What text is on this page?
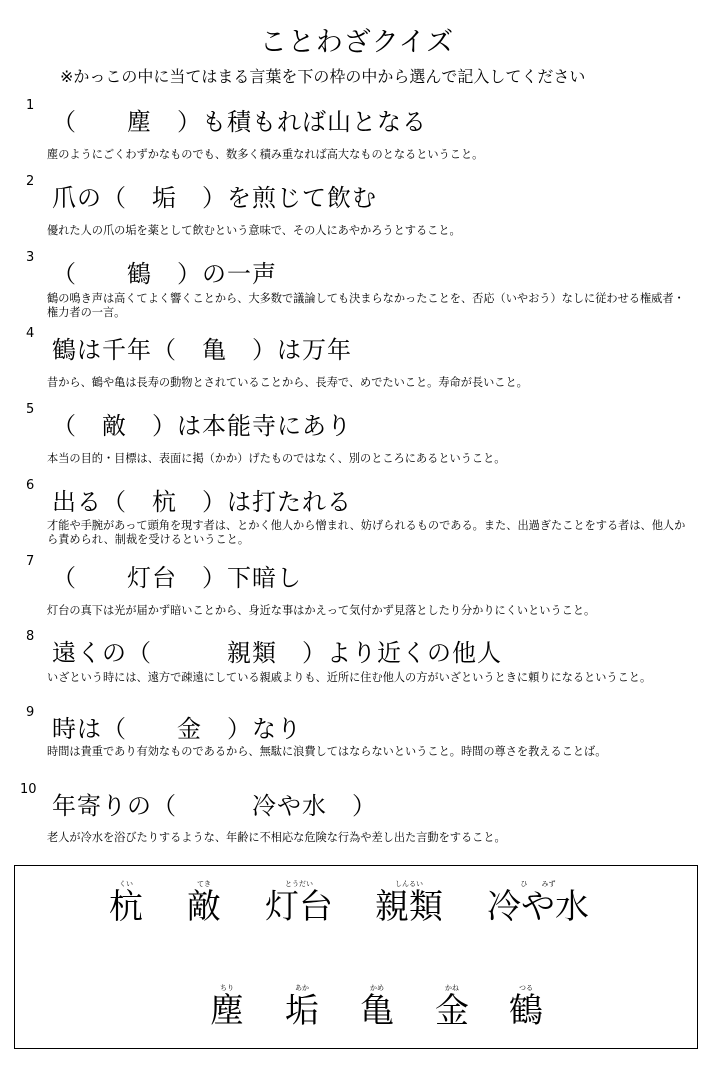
ことわざクイズ
※かっこの中に当てはまる言葉を下の枠の中から選んで記入してください
1
（　　塵　）も積もれば山となる
塵のようにごくわずかなものでも、数多く積み重なれば高大なものとなるということ。
2
爪の（　垢　）を煎じて飲む
優れた人の爪の垢を薬として飲むという意味で、その人にあやかろうとすること。
3
（　　鶴　）の一声
鶴の鳴き声は高くてよく響くことから、大多数で議論しても決まらなかったことを、否応（いやおう）なしに従わせる権威者・権力者の一言。
4
鶴は千年（　亀　）は万年
昔から、鶴や亀は長寿の動物とされていることから、長寿で、めでたいこと。寿命が長いこと。
5
（　敵　）は本能寺にあり
本当の目的・目標は、表面に掲（かか）げたものではなく、別のところにあるということ。
6
出る（　杭　）は打たれる
才能や手腕があって頭角を現す者は、とかく他人から憎まれ、妨げられるものである。また、出過ぎたことをする者は、他人から責められ、制裁を受けるということ。
7
（　　灯台　）下暗し
灯台の真下は光が届かず暗いことから、身近な事はかえって気付かず見落としたり分かりにくいということ。
8
遠くの（　　　親類　）より近くの他人
いざという時には、遠方で疎遠にしている親戚よりも、近所に住む他人の方がいざというときに頼りになるということ。
9
時は（　　金　）なり
時間は貴重であり有効なものであるから、無駄に浪費してはならないということ。時間の尊さを教えることば。
10
年寄りの（　　　冷や水　）
老人が冷水を浴びたりするような、年齢に不相応な危険な行為や差し出た言動をすること。
くい
杭
てき
敵
とうだい
灯台
しんるい
親類
ひ　　みず
冷や水
ちり
塵
あか
垢
かめ
亀
かね
金
つる
鶴
